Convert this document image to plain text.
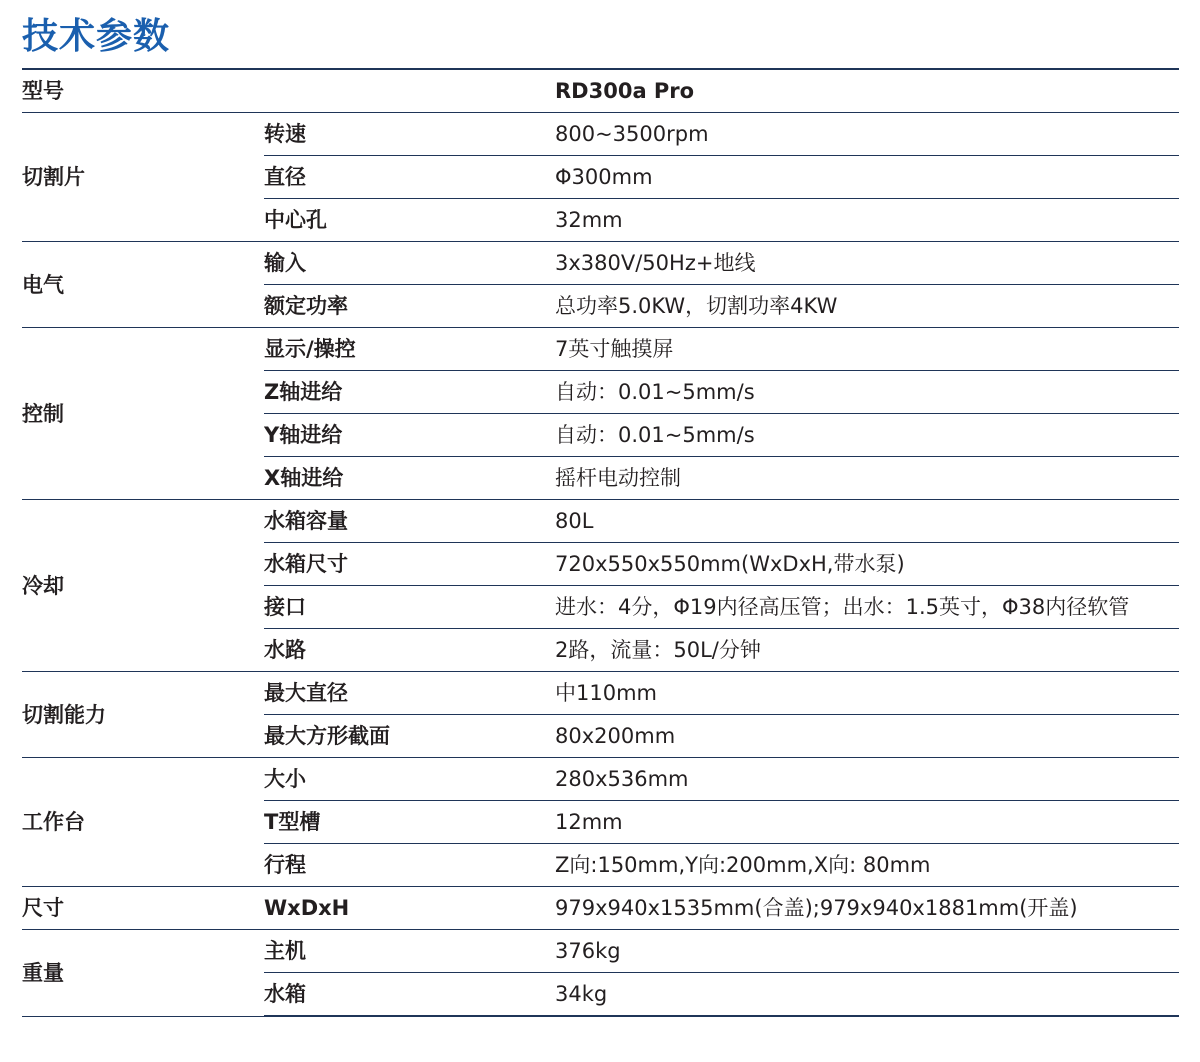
技术参数
型号		RD300a Pro
切割片	转速	800~3500rpm
	直径	Φ300mm
	中心孔	32mm
电气	输入	3x380V/50Hz+地线
	额定功率	总功率5.0KW，切割功率4KW
控制	显示/操控	7英寸触摸屏
	Z轴进给	自动：0.01~5mm/s
	Y轴进给	自动：0.01~5mm/s
	X轴进给	摇杆电动控制
冷却	水箱容量	80L
	水箱尺寸	720x550x550mm(WxDxH,带水泵)
	接口	进水：4分，Φ19内径高压管；出水：1.5英寸，Φ38内径软管
	水路	2路，流量：50L/分钟
切割能力	最大直径	中110mm
	最大方形截面	80x200mm
工作台	大小	280x536mm
	T型槽	12mm
	行程	Z向:150mm,Y向:200mm,X向: 80mm
尺寸	WxDxH	979x940x1535mm(合盖);979x940x1881mm(开盖)
重量	主机	376kg
	水箱	34kg
